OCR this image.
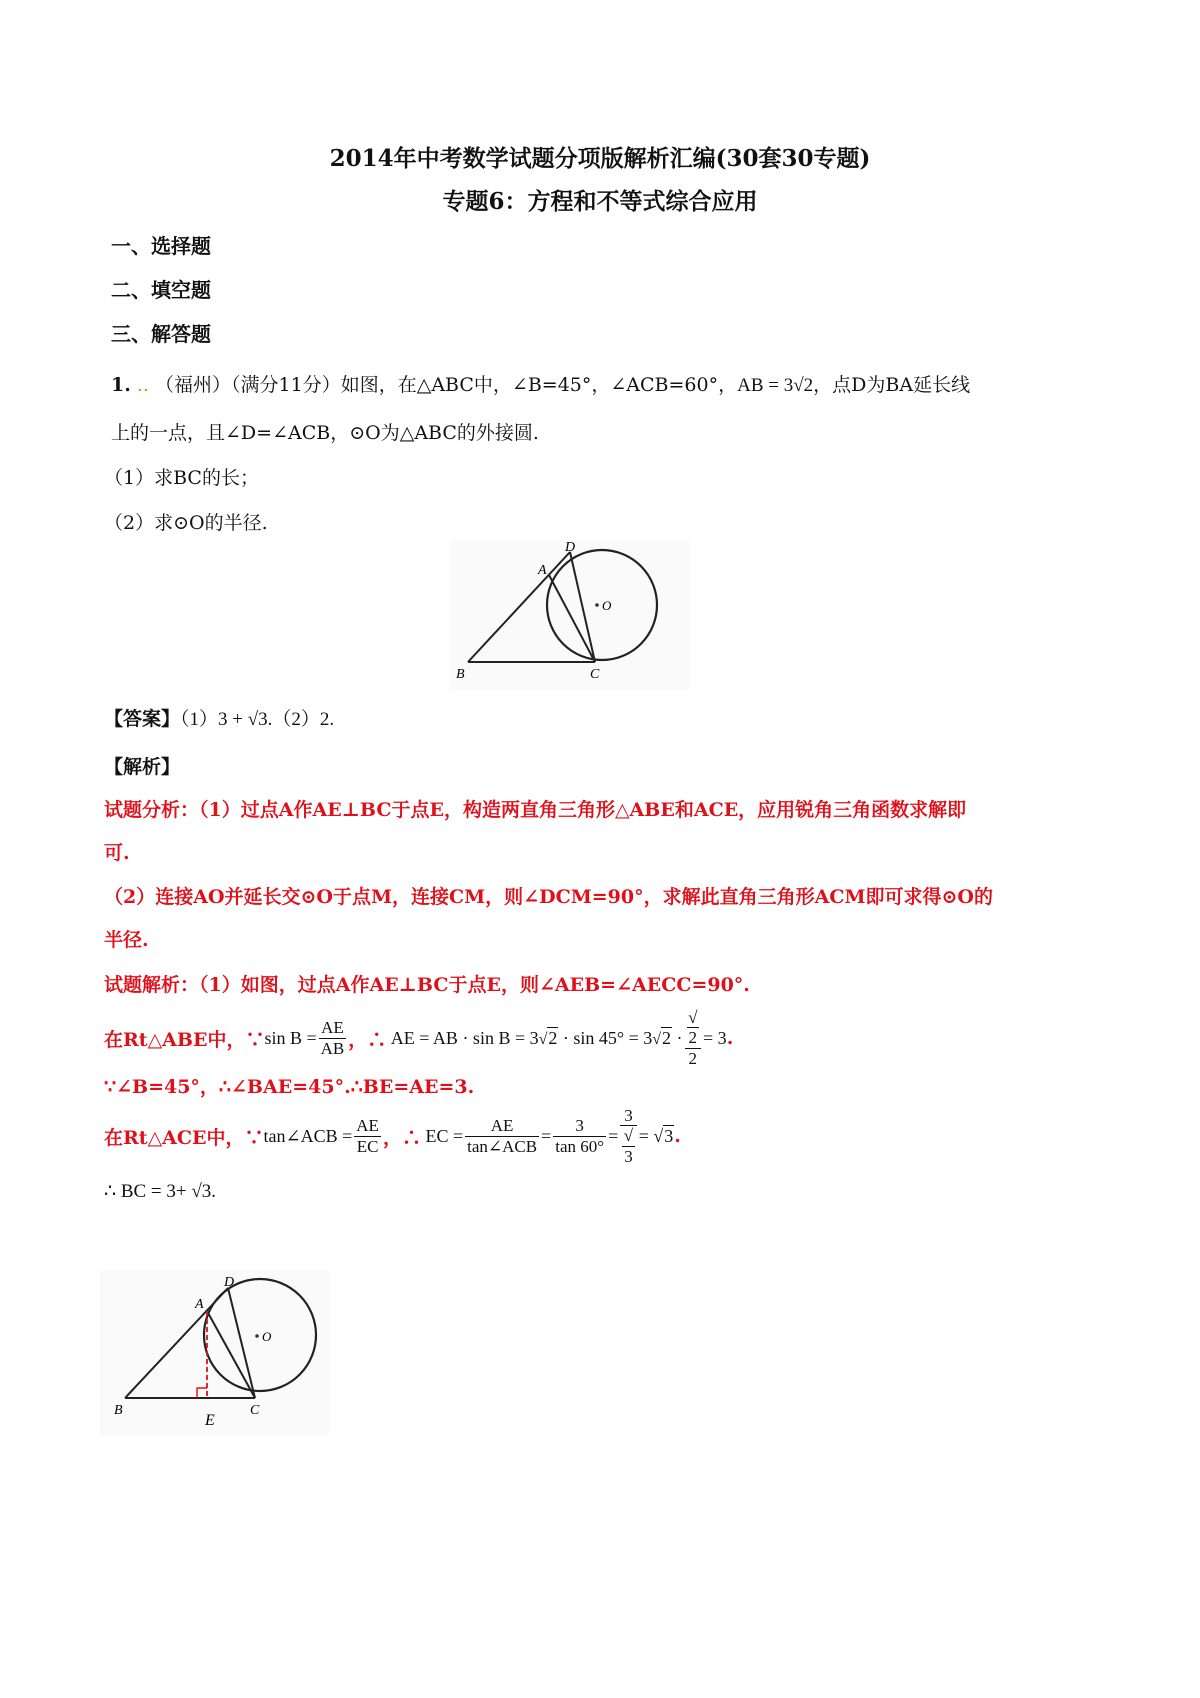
2014年中考数学试题分项版解析汇编(30套30专题)
专题6：方程和不等式综合应用
一、选择题
二、填空题
三、解答题
1. .. （福州）（满分11分）如图，在△ABC中，∠B=45°，∠ACB=60°，AB = 3√2，点D为BA延长线
上的一点，且∠D=∠ACB，⊙O为△ABC的外接圆.
（1）求BC的长；
（2）求⊙O的半径.
D
A
O
B	C
【答案】（1）3 + √3.（2）2.
【解析】
试题分析：（1）过点A作AE⊥BC于点E，构造两直角三角形△ABE和ACE，应用锐角三角函数求解即
可.
（2）连接AO并延长交⊙O于点M，连接CM，则∠DCM=90°，求解此直角三角形ACM即可求得⊙O的
半径.
试题解析：（1）如图，过点A作AE⊥BC于点E，则∠AEB=∠AECC=90°.
在Rt△ABE中，∵ $\sin B = \frac{AE}{AB}$ ，∴ AE = AB · sin B = 3√2 · sin 45° = 3√2 · √
2
2 = 3 .
∵∠B=45°，∴∠BAE=45°.∴BE=AE=3.
在Rt△ACE中，∵ tan∠ACB = $\frac{AE}{EC}$ ，∴ EC = $\frac{AE}{\text{tan∠ACB}} = \frac{3}{\tan 60^\circ} = 3$
√
3 = √3 .
∴ BC = 3+ √3.
D
A
O
B
E
C
